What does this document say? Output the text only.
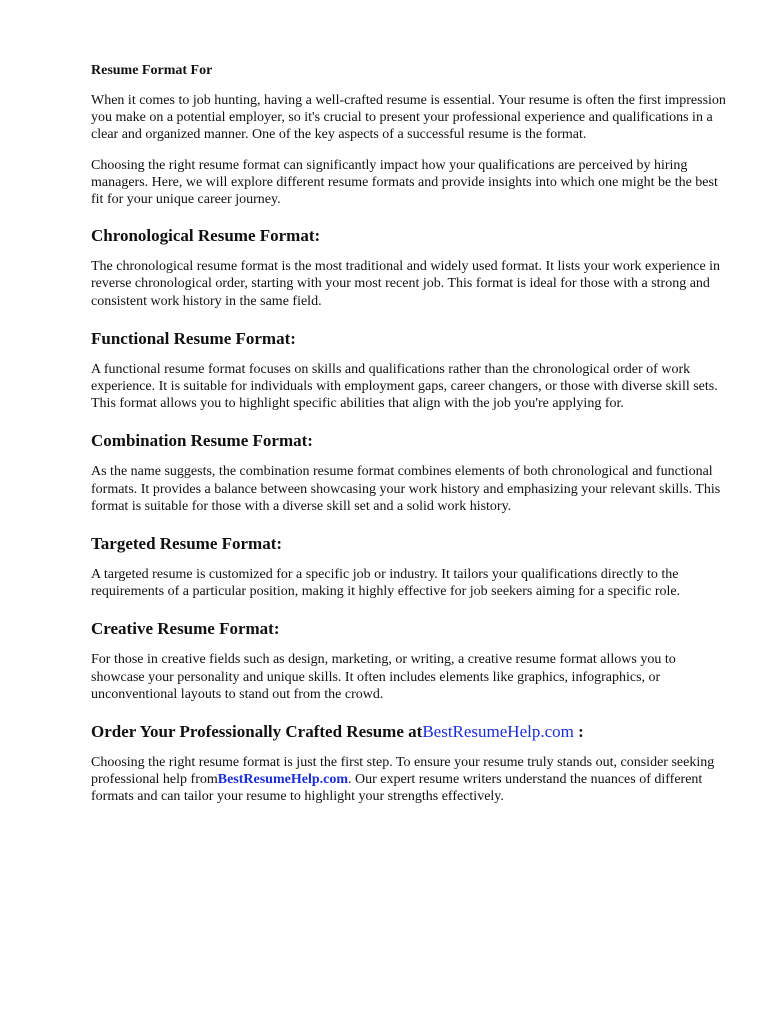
Resume Format For

When it comes to job hunting, having a well-crafted resume is essential. Your resume is often the first impression you make on a potential employer, so it's crucial to present your professional experience and qualifications in a clear and organized manner. One of the key aspects of a successful resume is the format.

Choosing the right resume format can significantly impact how your qualifications are perceived by hiring managers. Here, we will explore different resume formats and provide insights into which one might be the best fit for your unique career journey.

Chronological Resume Format:

The chronological resume format is the most traditional and widely used format. It lists your work experience in reverse chronological order, starting with your most recent job. This format is ideal for those with a strong and consistent work history in the same field.

Functional Resume Format:

A functional resume format focuses on skills and qualifications rather than the chronological order of work experience. It is suitable for individuals with employment gaps, career changers, or those with diverse skill sets. This format allows you to highlight specific abilities that align with the job you're applying for.

Combination Resume Format:

As the name suggests, the combination resume format combines elements of both chronological and functional formats. It provides a balance between showcasing your work history and emphasizing your relevant skills. This format is suitable for those with a diverse skill set and a solid work history.

Targeted Resume Format:

A targeted resume is customized for a specific job or industry. It tailors your qualifications directly to the requirements of a particular position, making it highly effective for job seekers aiming for a specific role.

Creative Resume Format:

For those in creative fields such as design, marketing, or writing, a creative resume format allows you to showcase your personality and unique skills. It often includes elements like graphics, infographics, or unconventional layouts to stand out from the crowd.

Order Your Professionally Crafted Resume atBestResumeHelp.com :

Choosing the right resume format is just the first step. To ensure your resume truly stands out, consider seeking professional help fromBestResumeHelp.com. Our expert resume writers understand the nuances of different formats and can tailor your resume to highlight your strengths effectively.
